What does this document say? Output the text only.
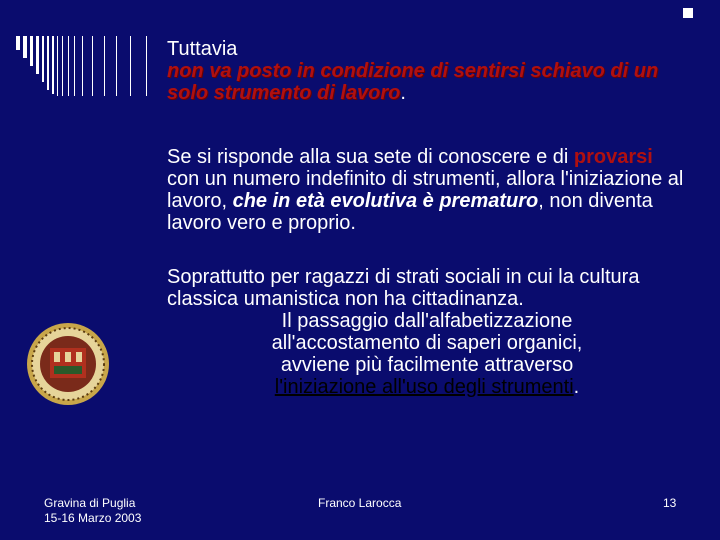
Tuttavia
non va posto in condizione di sentirsi schiavo di un solo strumento di lavoro.
Se si risponde alla sua sete di conoscere e di provarsi con un numero indefinito di strumenti, allora l'iniziazione al lavoro, che in età evolutiva è prematuro, non diventa lavoro vero e proprio.
Soprattutto per ragazzi di strati sociali in cui la cultura classica umanistica non ha cittadinanza.
Il passaggio dall'alfabetizzazione
all'accostamento di saperi organici,
avviene più facilmente attraverso
l'iniziazione all'uso degli strumenti.
Gravina di Puglia
15-16 Marzo 2003
Franco Larocca	13
